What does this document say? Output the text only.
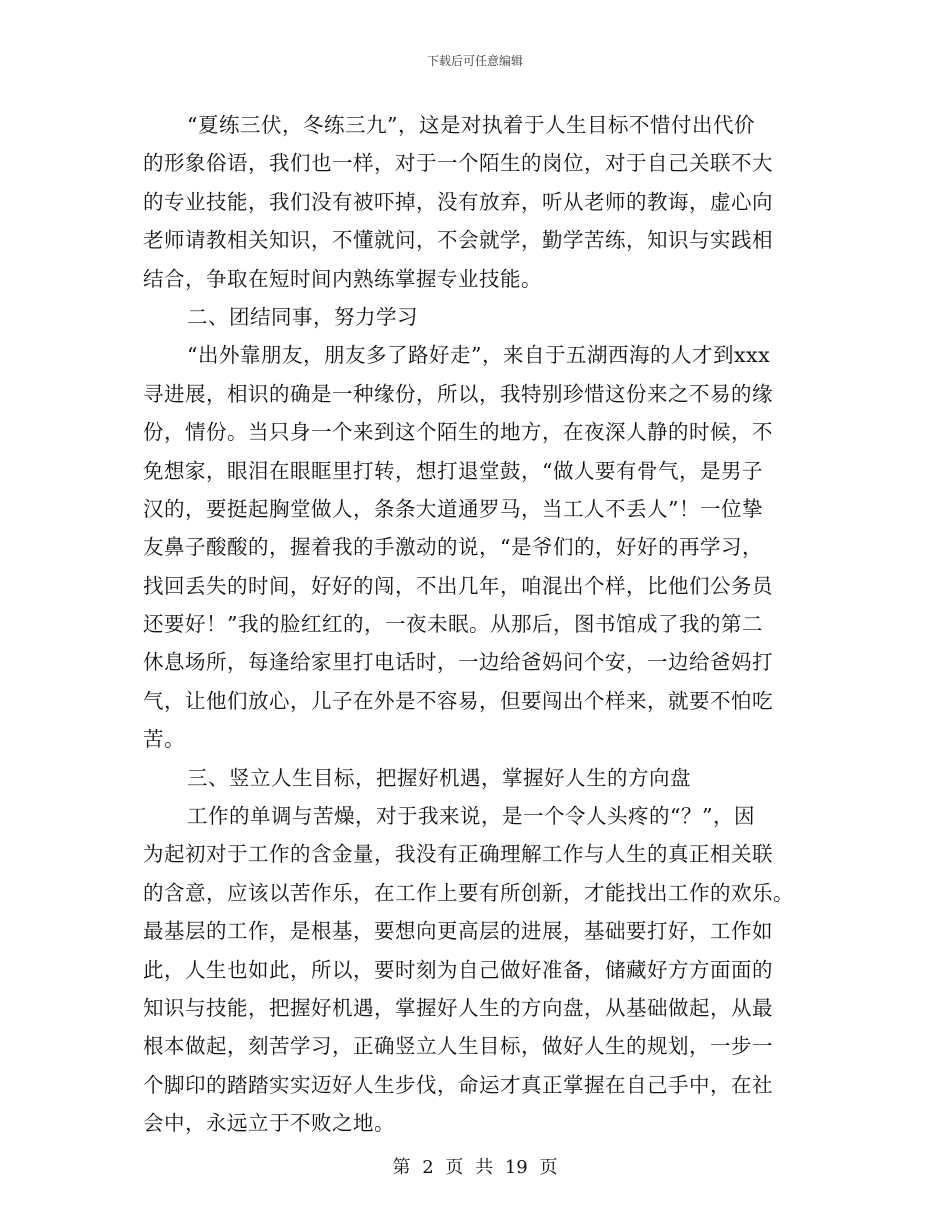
下载后可任意编辑
“夏练三伏，冬练三九”，这是对执着于人生目标不惜付出代价
的形象俗语，我们也一样，对于一个陌生的岗位，对于自己关联不大
的专业技能，我们没有被吓掉，没有放弃，听从老师的教诲，虚心向
老师请教相关知识，不懂就问，不会就学，勤学苦练，知识与实践相
结合，争取在短时间内熟练掌握专业技能。
二、团结同事，努力学习
“出外靠朋友，朋友多了路好走”，来自于五湖西海的人才到xxx
寻进展，相识的确是一种缘份，所以，我特别珍惜这份来之不易的缘
份，情份。当只身一个来到这个陌生的地方，在夜深人静的时候，不
免想家，眼泪在眼眶里打转，想打退堂鼓，“做人要有骨气，是男子
汉的，要挺起胸堂做人，条条大道通罗马，当工人不丢人”！一位挚
友鼻子酸酸的，握着我的手激动的说，“是爷们的，好好的再学习，
找回丢失的时间，好好的闯，不出几年，咱混出个样，比他们公务员
还要好！”我的脸红红的，一夜未眠。从那后，图书馆成了我的第二
休息场所，每逢给家里打电话时，一边给爸妈问个安，一边给爸妈打
气，让他们放心，儿子在外是不容易，但要闯出个样来，就要不怕吃
苦。
三、竖立人生目标，把握好机遇，掌握好人生的方向盘
工作的单调与苦燥，对于我来说，是一个令人头疼的“？”，因
为起初对于工作的含金量，我没有正确理解工作与人生的真正相关联
的含意，应该以苦作乐，在工作上要有所创新，才能找出工作的欢乐。
最基层的工作，是根基，要想向更高层的进展，基础要打好，工作如
此，人生也如此，所以，要时刻为自己做好准备，储藏好方方面面的
知识与技能，把握好机遇，掌握好人生的方向盘，从基础做起，从最
根本做起，刻苦学习，正确竖立人生目标，做好人生的规划，一步一
个脚印的踏踏实实迈好人生步伐，命运才真正掌握在自己手中，在社
会中，永远立于不败之地。
第 2 页 共 19 页
